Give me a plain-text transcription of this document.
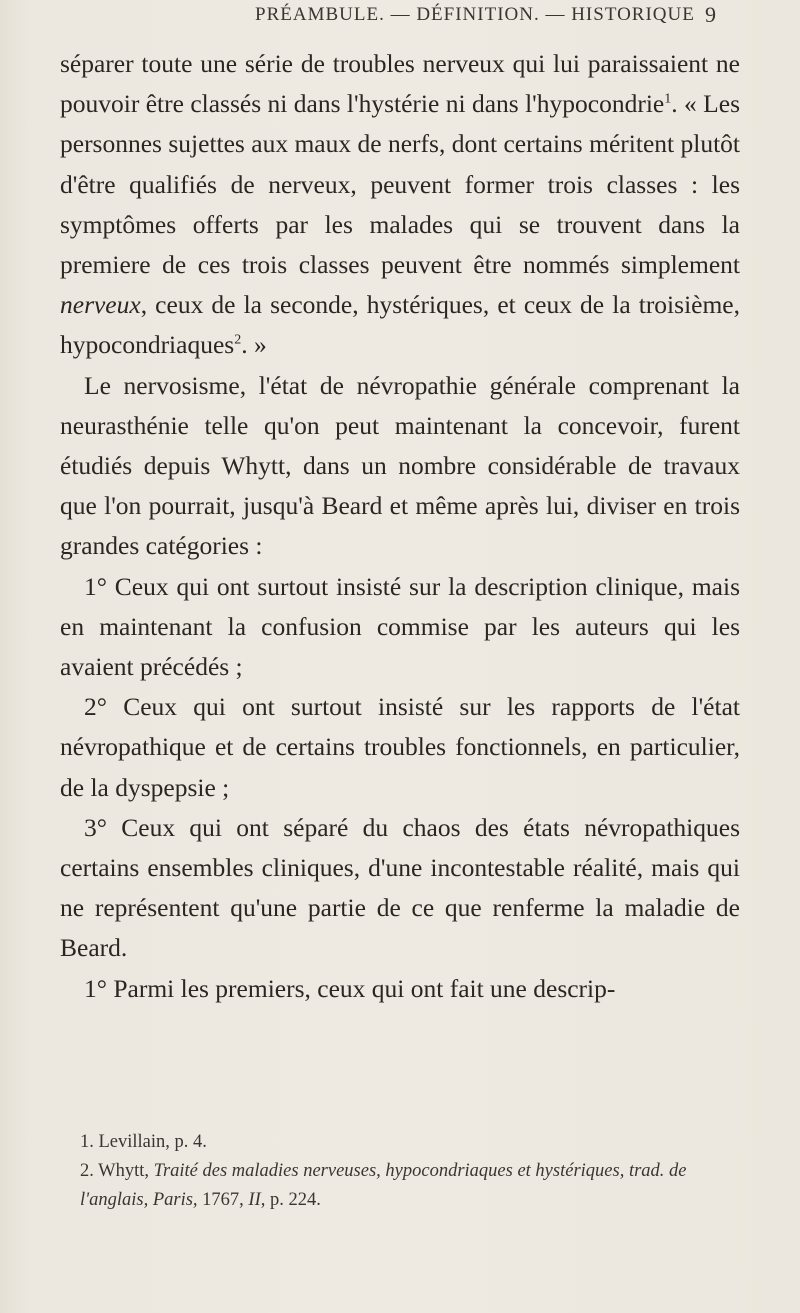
PRÉAMBULE. — DÉFINITION. — HISTORIQUE 9

séparer toute une série de troubles nerveux qui lui paraissaient ne pouvoir être classés ni dans l'hystérie ni dans l'hypocondrie$^1$. « Les personnes sujettes aux maux de nerfs, dont certains méritent plutôt d'être qualifiés de nerveux, peuvent former trois classes : les symptômes offerts par les malades qui se trouvent dans la premiere de ces trois classes peuvent être nommés simplement nerveux, ceux de la seconde, hystériques, et ceux de la troisième, hypocondriaques$^2$. »

Le nervosisme, l'état de névropathie générale comprenant la neurasthénie telle qu'on peut maintenant la concevoir, furent étudiés depuis Whytt, dans un nombre considérable de travaux que l'on pourrait, jusqu'à Beard et même après lui, diviser en trois grandes catégories :

1° Ceux qui ont surtout insisté sur la description clinique, mais en maintenant la confusion commise par les auteurs qui les avaient précédés ;

2° Ceux qui ont surtout insisté sur les rapports de l'état névropathique et de certains troubles fonctionnels, en particulier, de la dyspepsie ;

3° Ceux qui ont séparé du chaos des états névropathiques certains ensembles cliniques, d'une incontestable réalité, mais qui ne représentent qu'une partie de ce que renferme la maladie de Beard.

1° Parmi les premiers, ceux qui ont fait une descrip-

1. Levillain, p. 4.

2. Whytt, Traité des maladies nerveuses, hypocondriaques et hystériques, trad. de l'anglais, Paris, 1767, II, p. 224.
